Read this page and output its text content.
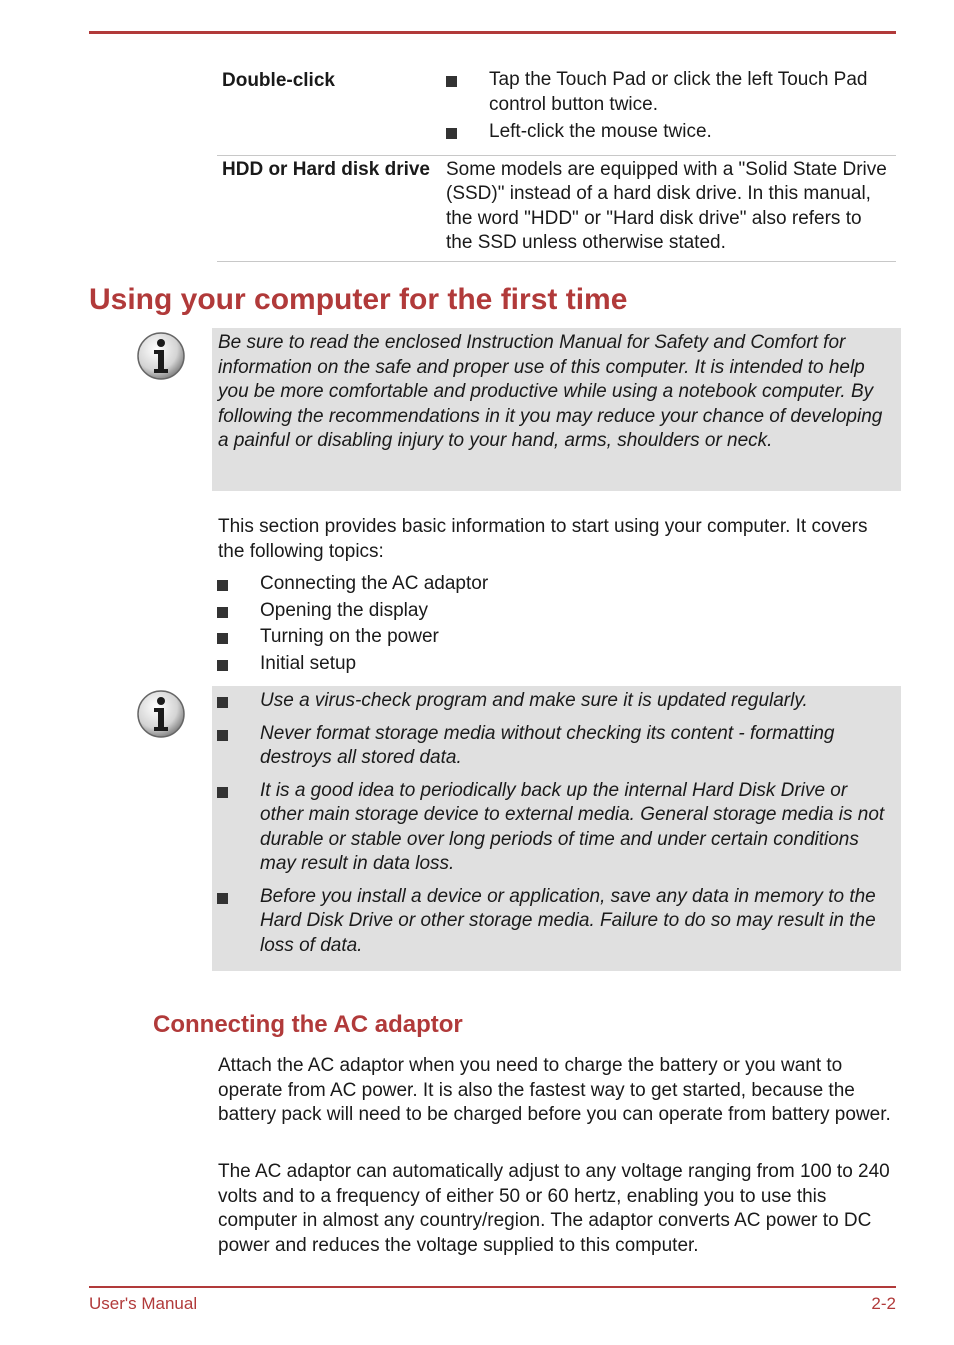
Double-click	Tap the Touch Pad or click the left Touch Pad control button twice.
Left-click the mouse twice.
HDD or Hard disk drive Some models are equipped with a "Solid State Drive (SSD)" instead of a hard disk drive. In this manual, the word "HDD" or "Hard disk drive" also refers to the SSD unless otherwise stated.
Using your computer for the first time

Be sure to read the enclosed Instruction Manual for Safety and Comfort for information on the safe and proper use of this computer. It is intended to help you be more comfortable and productive while using a notebook computer. By following the recommendations in it you may reduce your chance of developing a painful or disabling injury to your hand, arms, shoulders or neck.

This section provides basic information to start using your computer. It covers the following topics:

Connecting the AC adaptor
Opening the display
Turning on the power
Initial setup
Use a virus-check program and make sure it is updated regularly.
Never format storage media without checking its content - formatting destroys all stored data.
It is a good idea to periodically back up the internal Hard Disk Drive or other main storage device to external media. General storage media is not durable or stable over long periods of time and under certain conditions may result in data loss.
Before you install a device or application, save any data in memory to the Hard Disk Drive or other storage media. Failure to do so may result in the loss of data.
Connecting the AC adaptor

Attach the AC adaptor when you need to charge the battery or you want to operate from AC power. It is also the fastest way to get started, because the battery pack will need to be charged before you can operate from battery power.

The AC adaptor can automatically adjust to any voltage ranging from 100 to 240 volts and to a frequency of either 50 or 60 hertz, enabling you to use this computer in almost any country/region. The adaptor converts AC power to DC power and reduces the voltage supplied to this computer.

User's Manual	2-2
